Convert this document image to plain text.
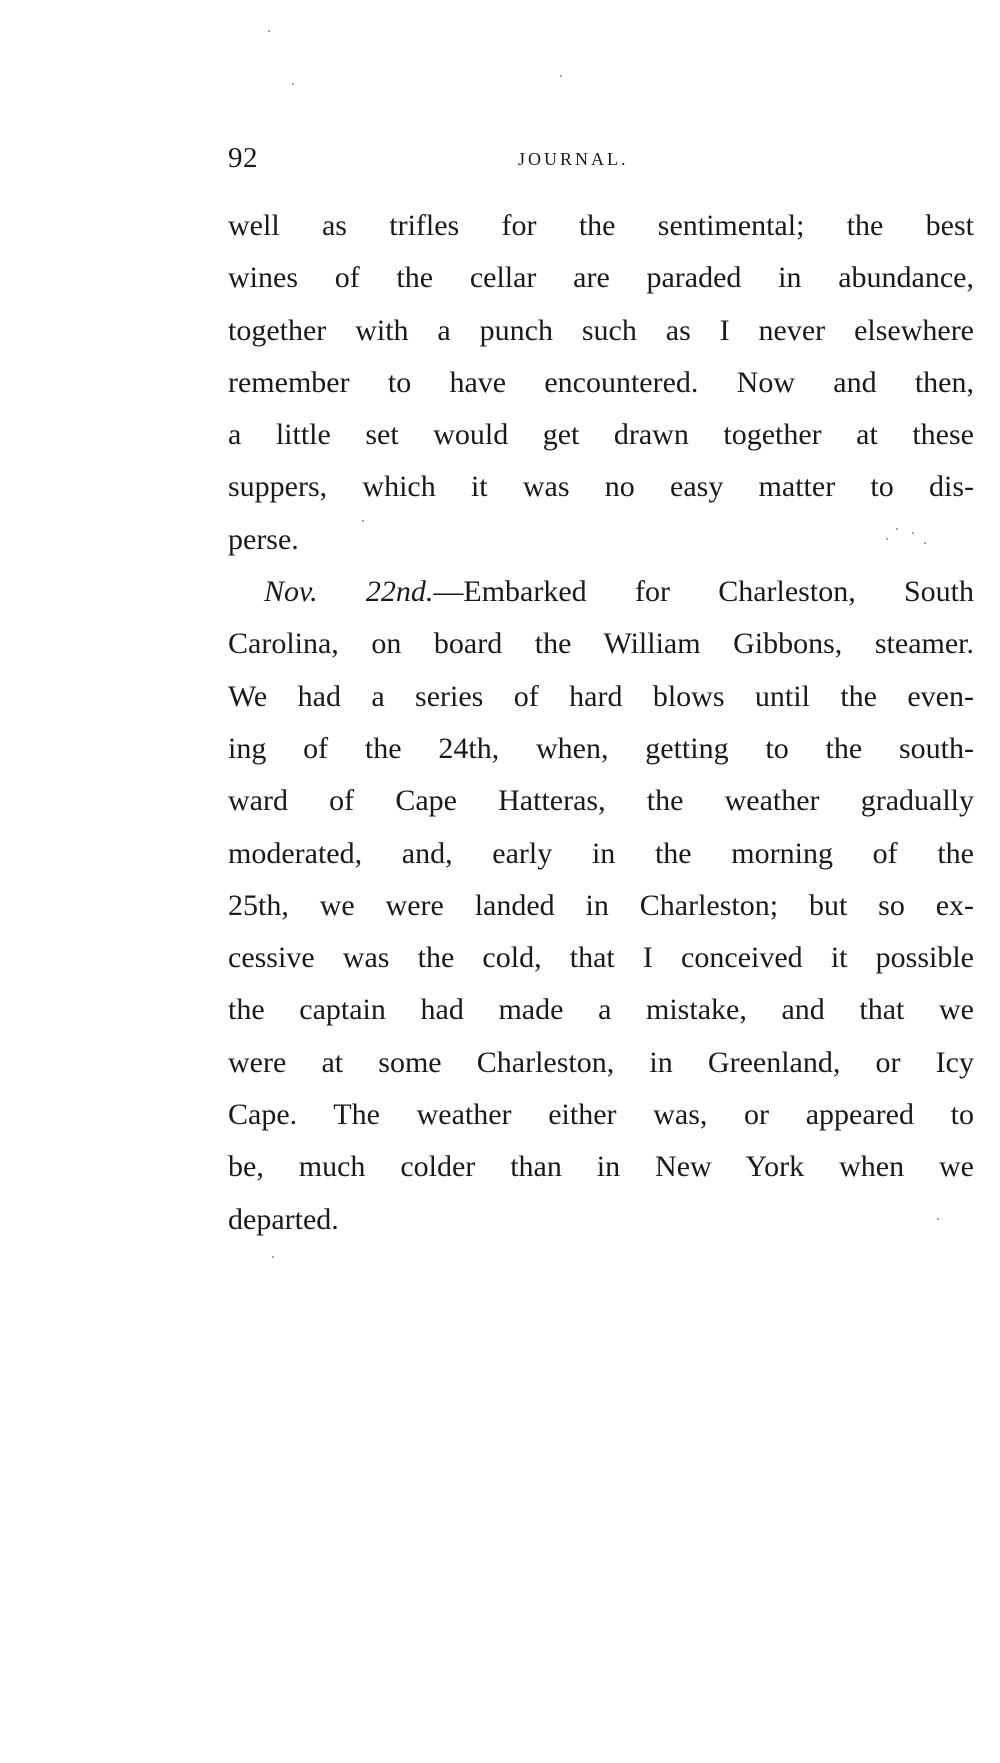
92	JOURNAL.
well as trifles for the sentimental; the best
wines of the cellar are paraded in abundance,
together with a punch such as I never elsewhere
remember to have encountered. Now and then,
a little set would get drawn together at these
suppers, which it was no easy matter to dis-
perse.
Nov. 22nd.—Embarked for Charleston, South
Carolina, on board the William Gibbons, steamer.
We had a series of hard blows until the even-
ing of the 24th, when, getting to the south-
ward of Cape Hatteras, the weather gradually
moderated, and, early in the morning of the
25th, we were landed in Charleston; but so ex-
cessive was the cold, that I conceived it possible
the captain had made a mistake, and that we
were at some Charleston, in Greenland, or Icy
Cape. The weather either was, or appeared to
be, much colder than in New York when we
departed.
